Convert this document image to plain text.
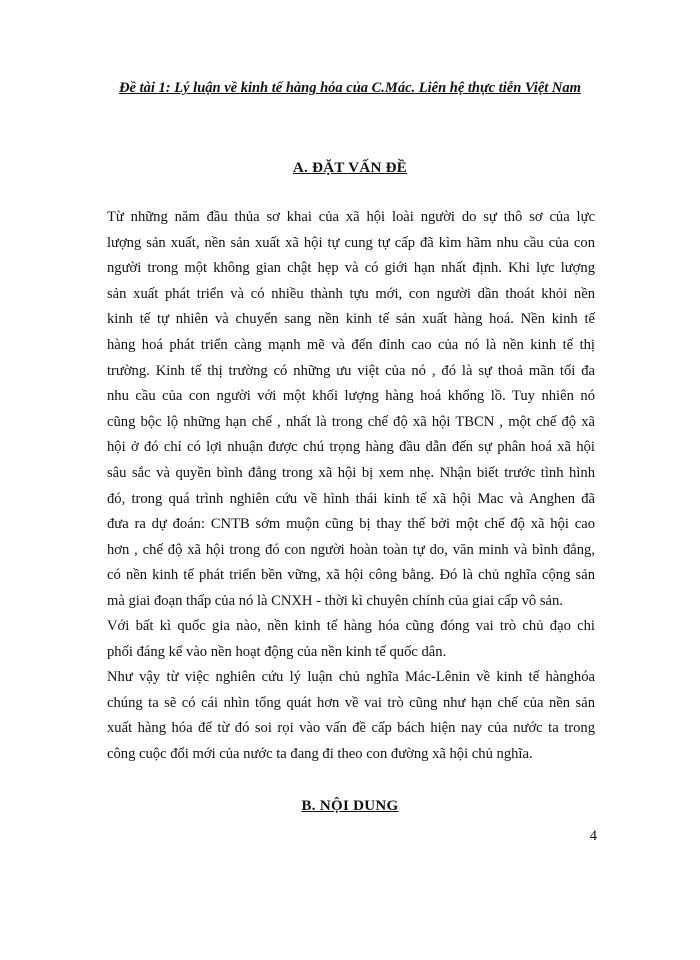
Đề tài 1: Lý luận về kinh tế hàng hóa của C.Mác. Liên hệ thực tiễn Việt Nam
A. ĐẶT VẤN ĐỀ
Từ những năm đầu thủa sơ khai của xã hội loài người do sự thô sơ của lực
lượng sản xuất, nền sản xuất xã hội tự cung tự cấp đã kìm hãm nhu cầu của con
người trong một không gian chật hẹp và có giới hạn nhất định. Khi lực lượng
sản xuất phát triển và có nhiều thành tựu mới, con người dần thoát khỏi nền
kinh tế tự nhiên và chuyển sang nền kinh tế sản xuất hàng hoá. Nền kinh tế
hàng hoá phát triển càng mạnh mẽ và đến đỉnh cao của nó là nền kinh tế thị
trường. Kinh tế thị trường có những ưu việt của nó , đó là sự thoả mãn tối đa
nhu cầu của con người với một khối lượng hàng hoá khổng lồ. Tuy nhiên nó
cũng bộc lộ những hạn chế , nhất là trong chế độ xã hội TBCN , một chế độ xã
hội ở đó chỉ có lợi nhuận được chú trọng hàng đầu dẫn đến sự phân hoá xã hội
sâu sắc và quyền bình đẳng trong xã hội bị xem nhẹ. Nhận biết trước tình hình
đó, trong quá trình nghiên cứu về hình thái kinh tế xã hội Mac và Anghen đã
đưa ra dự đoán: CNTB sớm muộn cũng bị thay thế bởi một chế độ xã hội cao
hơn , chế độ xã hội trong đó con người hoàn toàn tự do, văn minh và bình đẳng,
có nền kinh tế phát triển bền vững, xã hội công bằng. Đó là chủ nghĩa cộng sản
mà giai đoạn thấp của nó là CNXH - thời kì chuyên chính của giai cấp vô sản.
Với bất kì quốc gia nào, nền kinh tế hàng hóa cũng đóng vai trò chủ đạo chi
phối đáng kể vào nền hoạt động của nền kinh tế quốc dân.
Như vậy từ việc nghiên cứu lý luận chủ nghĩa Mác-Lênin về kinh tế hànghóa
chúng ta sẽ có cái nhìn tổng quát hơn về vai trò cũng như hạn chế của nền sản
xuất hàng hóa để từ đó soi rọi vào vấn đề cấp bách hiện nay của nước ta trong
công cuộc đổi mới của nước ta đang đi theo con đường xã hội chủ nghĩa.
B. NỘI DUNG
4
